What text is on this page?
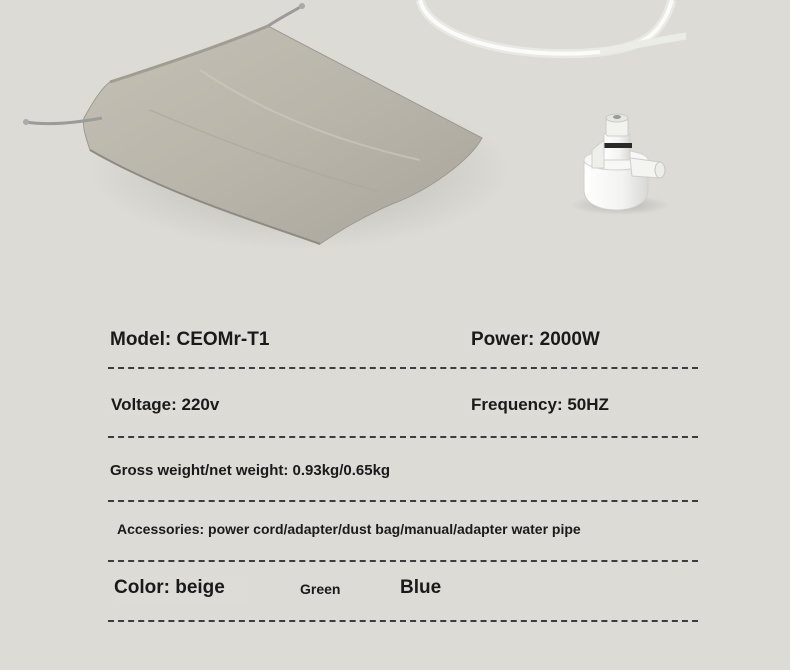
Model: CEOMr-T1	Power: 2000W
Voltage: 220v	Frequency: 50HZ
Gross weight/net weight: 0.93kg/0.65kg
Accessories: power cord/adapter/dust bag/manual/adapter water pipe
Color: beige	Green	Blue
